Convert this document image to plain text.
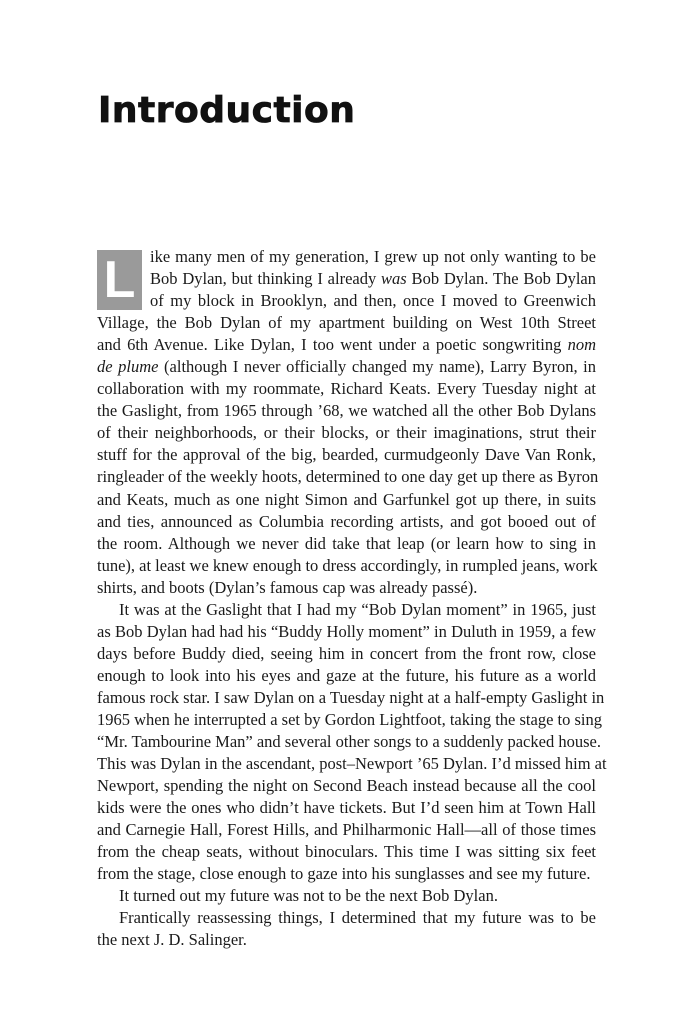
Introduction
L ike many men of my generation, I grew up not only wanting to be
Bob Dylan, but thinking I already was Bob Dylan. The Bob Dylan
of my block in Brooklyn, and then, once I moved to Greenwich
Village, the Bob Dylan of my apartment building on West 10th Street
and 6th Avenue. Like Dylan, I too went under a poetic songwriting nom
de plume (although I never officially changed my name), Larry Byron, in
collaboration with my roommate, Richard Keats. Every Tuesday night at
the Gaslight, from 1965 through ’68, we watched all the other Bob Dylans
of their neighborhoods, or their blocks, or their imaginations, strut their
stuff for the approval of the big, bearded, curmudgeonly Dave Van Ronk,
ringleader of the weekly hoots, determined to one day get up there as Byron
and Keats, much as one night Simon and Garfunkel got up there, in suits
and ties, announced as Columbia recording artists, and got booed out of
the room. Although we never did take that leap (or learn how to sing in
tune), at least we knew enough to dress accordingly, in rumpled jeans, work
shirts, and boots (Dylan’s famous cap was already passé).
It was at the Gaslight that I had my “Bob Dylan moment” in 1965, just
as Bob Dylan had had his “Buddy Holly moment” in Duluth in 1959, a few
days before Buddy died, seeing him in concert from the front row, close
enough to look into his eyes and gaze at the future, his future as a world
famous rock star. I saw Dylan on a Tuesday night at a half-empty Gaslight in
1965 when he interrupted a set by Gordon Lightfoot, taking the stage to sing
“Mr. Tambourine Man” and several other songs to a suddenly packed house.
This was Dylan in the ascendant, post–Newport ’65 Dylan. I’d missed him at
Newport, spending the night on Second Beach instead because all the cool
kids were the ones who didn’t have tickets. But I’d seen him at Town Hall
and Carnegie Hall, Forest Hills, and Philharmonic Hall—all of those times
from the cheap seats, without binoculars. This time I was sitting six feet
from the stage, close enough to gaze into his sunglasses and see my future.
It turned out my future was not to be the next Bob Dylan.
Frantically reassessing things, I determined that my future was to be
the next J. D. Salinger.
